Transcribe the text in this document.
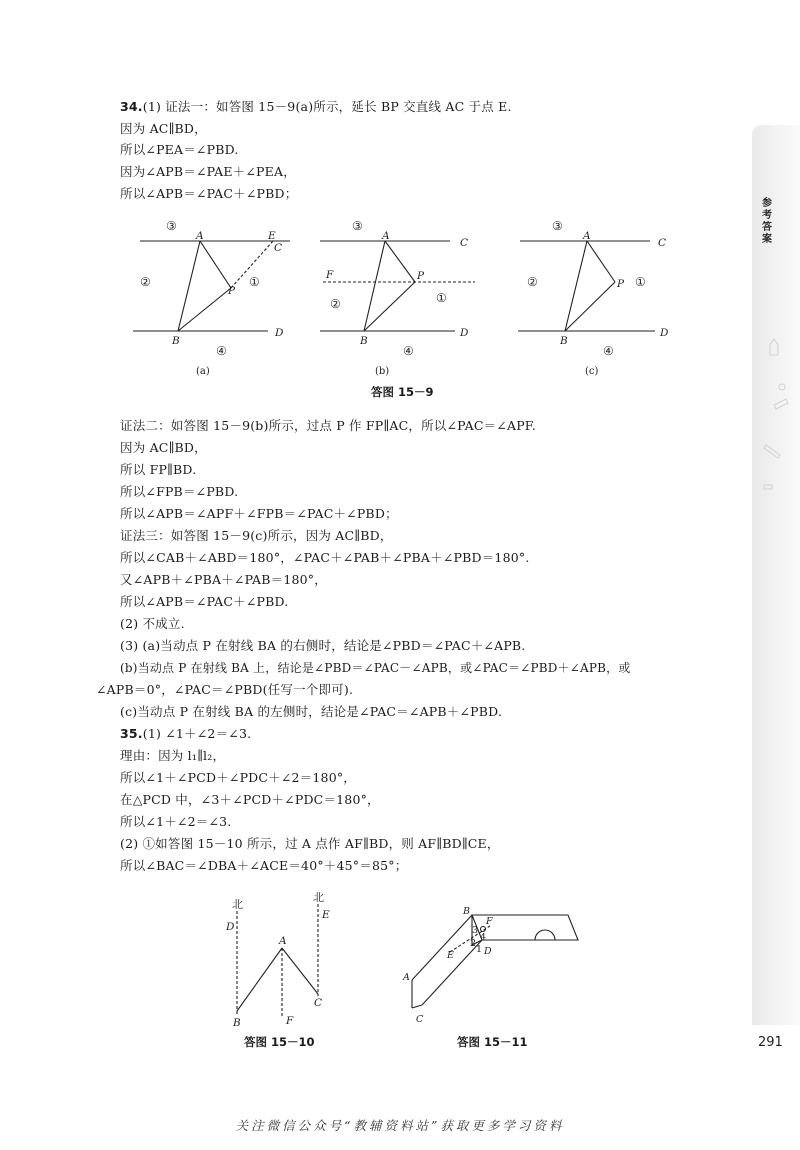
参
考
答
案
34.(1) 证法一：如答图 15－9(a)所示，延长 BP 交直线 AC 于点 E.
因为 AC∥BD，
所以∠PEA＝∠PBD.
因为∠APB＝∠PAE＋∠PEA，
所以∠APB＝∠PAC＋∠PBD；
A	E
C
P
B
D
A
C
F	P
B
D
A
C
P
B
D
③
②	①
④
③
②	①
④
③
②	①
④
(a)	(b)	(c)
答图 15－9
证法二：如答图 15－9(b)所示，过点 P 作 FP∥AC，所以∠PAC＝∠APF.
因为 AC∥BD，
所以 FP∥BD.
所以∠FPB＝∠PBD.
所以∠APB＝∠APF＋∠FPB＝∠PAC＋∠PBD；
证法三：如答图 15－9(c)所示，因为 AC∥BD，
所以∠CAB＋∠ABD＝180°，∠PAC＋∠PAB＋∠PBA＋∠PBD＝180°.
又∠APB＋∠PBA＋∠PAB＝180°，
所以∠APB＝∠PAC＋∠PBD.
(2) 不成立.
(3) (a)当动点 P 在射线 BA 的右侧时，结论是∠PBD＝∠PAC＋∠APB.
(b)当动点 P 在射线 BA 上，结论是∠PBD＝∠PAC－∠APB，或∠PAC＝∠PBD＋∠APB，或
∠APB＝0°，∠PAC＝∠PBD(任写一个即可).
(c)当动点 P 在射线 BA 的左侧时，结论是∠PAC＝∠APB＋∠PBD.
35.(1) ∠1＋∠2＝∠3.
理由：因为 l₁∥l₂，
所以∠1＋∠PCD＋∠PDC＋∠2＝180°，
在△PCD 中，∠3＋∠PCD＋∠PDC＝180°，
所以∠1＋∠2＝∠3.
(2) ①如答图 15－10 所示，过 A 点作 AF∥BD，则 AF∥BD∥CE，
所以∠BAC＝∠DBA＋∠ACE＝40°＋45°＝85°；
北
北
D
E
A
C
B	F
答图 15－10
B
F
3
4
2
1 D
E
A
C
答图 15－11	291
关注微信公众号“教辅资料站”获取更多学习资料
